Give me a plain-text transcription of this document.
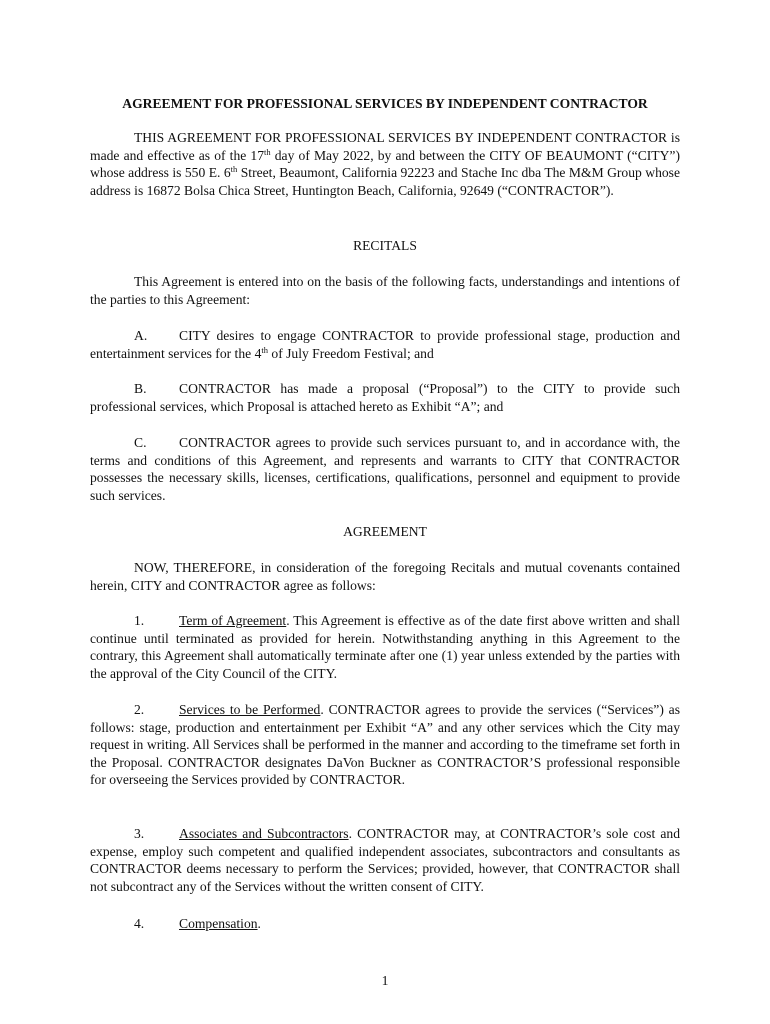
AGREEMENT FOR PROFESSIONAL SERVICES BY INDEPENDENT CONTRACTOR

THIS AGREEMENT FOR PROFESSIONAL SERVICES BY INDEPENDENT CONTRACTOR is made and effective as of the 17th day of May 2022, by and between the CITY OF BEAUMONT (“CITY”) whose address is 550 E. 6th Street, Beaumont, California 92223 and Stache Inc dba The M&M Group whose address is 16872 Bolsa Chica Street, Huntington Beach, California, 92649 (“CONTRACTOR”).

RECITALS

This Agreement is entered into on the basis of the following facts, understandings and intentions of the parties to this Agreement:

A. CITY desires to engage CONTRACTOR to provide professional stage, production and entertainment services for the 4th of July Freedom Festival; and

B. CONTRACTOR has made a proposal (“Proposal”) to the CITY to provide such professional services, which Proposal is attached hereto as Exhibit “A”; and

C. CONTRACTOR agrees to provide such services pursuant to, and in accordance with, the terms and conditions of this Agreement, and represents and warrants to CITY that CONTRACTOR possesses the necessary skills, licenses, certifications, qualifications, personnel and equipment to provide such services.

AGREEMENT

NOW, THEREFORE, in consideration of the foregoing Recitals and mutual covenants contained herein, CITY and CONTRACTOR agree as follows:

1.	Term of Agreement. This Agreement is effective as of the date first above written and shall continue until terminated as provided for herein. Notwithstanding anything in this Agreement to the contrary, this Agreement shall automatically terminate after one (1) year unless extended by the parties with the approval of the City Council of the CITY.

2.	Services to be Performed. CONTRACTOR agrees to provide the services (“Services”) as follows: stage, production and entertainment per Exhibit “A” and any other services which the City may request in writing. All Services shall be performed in the manner and according to the timeframe set forth in the Proposal. CONTRACTOR designates DaVon Buckner as CONTRACTOR’S professional responsible for overseeing the Services provided by CONTRACTOR.

3.	Associates and Subcontractors. CONTRACTOR may, at CONTRACTOR’s sole cost and expense, employ such competent and qualified independent associates, subcontractors and consultants as CONTRACTOR deems necessary to perform the Services; provided, however, that CONTRACTOR shall not subcontract any of the Services without the written consent of CITY.

4.	Compensation.

1
